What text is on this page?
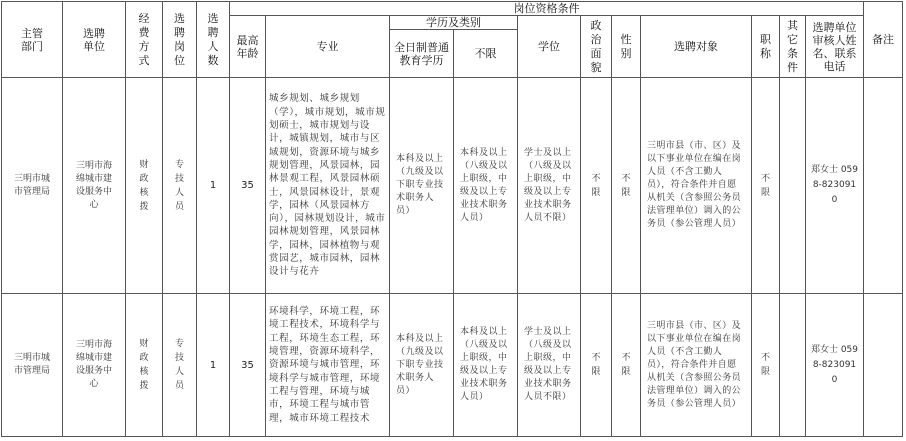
主管部门	选聘单位	经费方式	选聘岗位	选聘人数	岗位资格条件											备注

					最高年龄	专业	学历及类别		学位	政治面貌	性别	选聘对象	职称	其它条件	选聘单位审核人姓名、联系电话	

							全日制普通教育学历	不限								

三明市城市管理局	三明市海绵城市建设服务中心	财政核拨	专技人员	1	35	城乡规划、城乡规划（学），城市规划，城市规划硕士，城市规划与设计，城镇规划，城市与区域规划，资源环境与城乡规划管理，风景园林，园林景观工程，风景园林硕士，风景园林设计，景观学，园林（风景园林方向），园林规划设计，城市园林规划管理，风景园林学，园林，园林植物与观赏园艺，城市园林，园林设计与花卉	本科及以上（九级及以下职专业技术职务人员）	本科及以上（八级及以上职级，中级及以上专业技术职务人员）	学士及以上（八级及以上职级，中级及以上专业技术职务人员不限）	不限	不限	三明市县（市、区）及以下事业单位在编在岗人员（不含工勤人员），符合条件并自愿从机关（含参照公务员法管理单位）调入的公务员（参公管理人员）	不限		郑女士 0598-8230910	

三明市城市管理局	三明市海绵城市建设服务中心	财政核拨	专技人员	1	35	环境科学，环境工程，环境工程技术，环境科学与工程，环境生态工程，环境管理，资源环境科学，资源环境与城市管理，环境科学与城市管理，环境工程与管理，环境与城市，环境工程与城市管理，城市环境工程技术	本科及以上（九级及以下职专业技术职务人员）	本科及以上（八级及以上职级，中级及以上专业技术职务人员）	学士及以上（八级及以上职级，中级及以上专业技术职务人员不限）	不限	不限	三明市县（市、区）及以下事业单位在编在岗人员（不含工勤人员），符合条件并自愿从机关（含参照公务员法管理单位）调入的公务员（参公管理人员）	不限		郑女士 0598-8230910	
